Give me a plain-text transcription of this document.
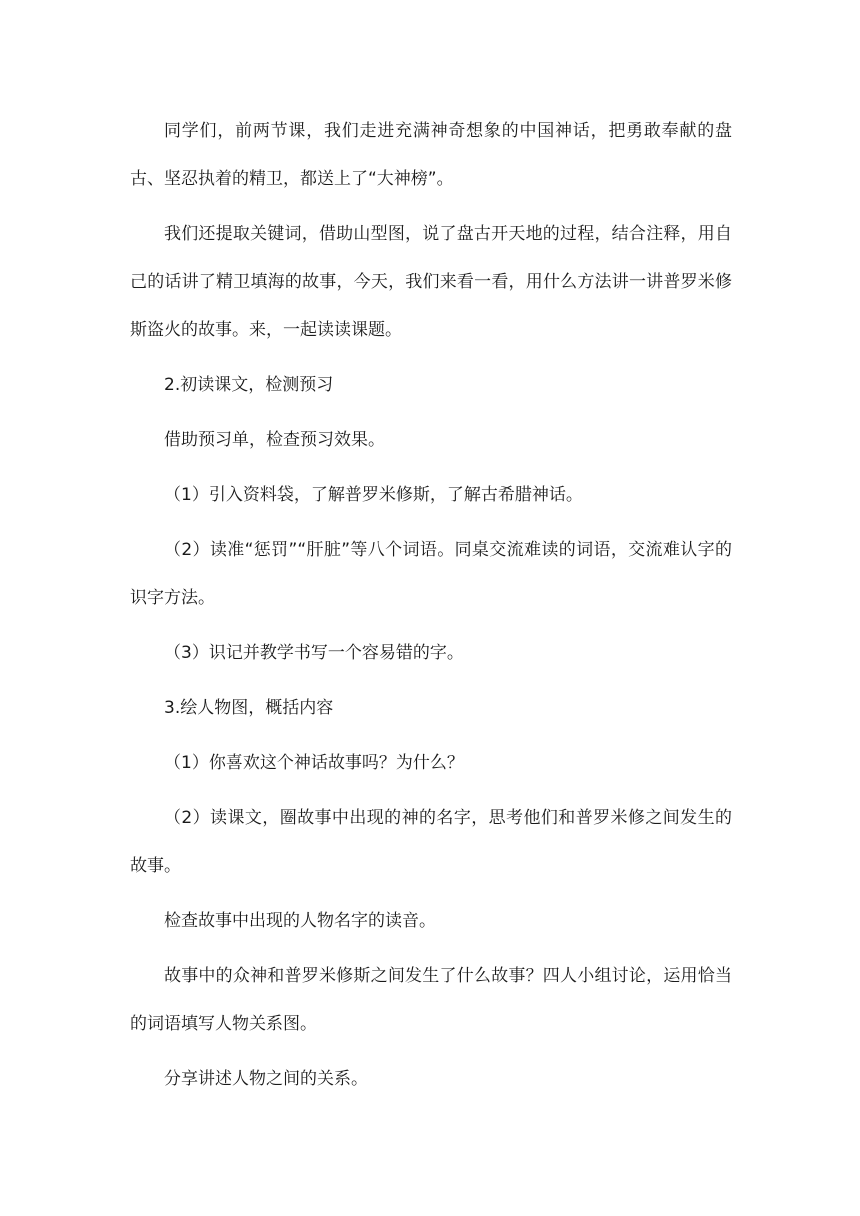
同学们，前两节课，我们走进充满神奇想象的中国神话，把勇敢奉献的盘古、坚忍执着的精卫，都送上了“大神榜”。

我们还提取关键词，借助山型图，说了盘古开天地的过程，结合注释，用自己的话讲了精卫填海的故事，今天，我们来看一看，用什么方法讲一讲普罗米修斯盗火的故事。来，一起读读课题。

2.初读课文，检测预习

借助预习单，检查预习效果。

（1）引入资料袋，了解普罗米修斯，了解古希腊神话。

（2）读准“惩罚”“肝脏”等八个词语。同桌交流难读的词语，交流难认字的识字方法。

（3）识记并教学书写一个容易错的字。

3.绘人物图，概括内容

（1）你喜欢这个神话故事吗？为什么？

（2）读课文，圈故事中出现的神的名字，思考他们和普罗米修之间发生的故事。

检查故事中出现的人物名字的读音。

故事中的众神和普罗米修斯之间发生了什么故事？四人小组讨论，运用恰当的词语填写人物关系图。

分享讲述人物之间的关系。
